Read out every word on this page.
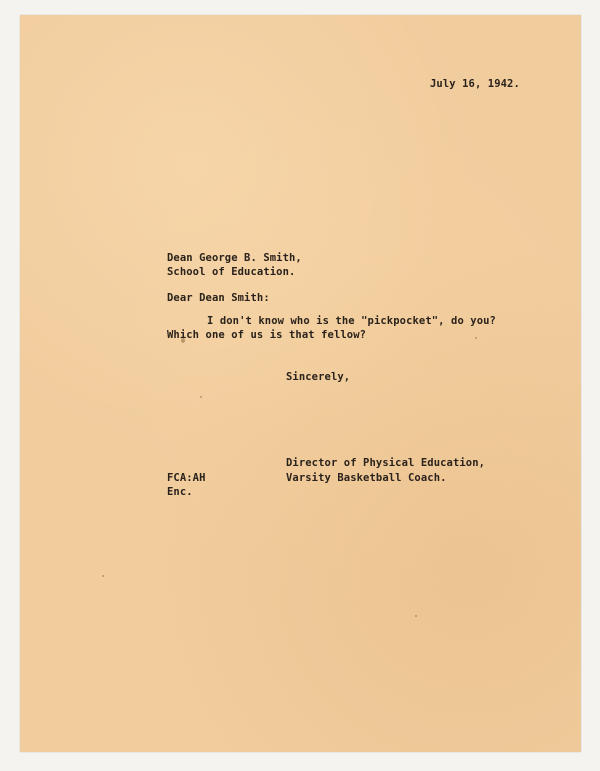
July 16, 1942.
Dean George B. Smith,
School of Education.
Dear Dean Smith:
I don't know who is the "pickpocket", do you?
Which one of us is that fellow?
Sincerely,
Director of Physical Education,
Varsity Basketball Coach.
FCA:AH
Enc.
